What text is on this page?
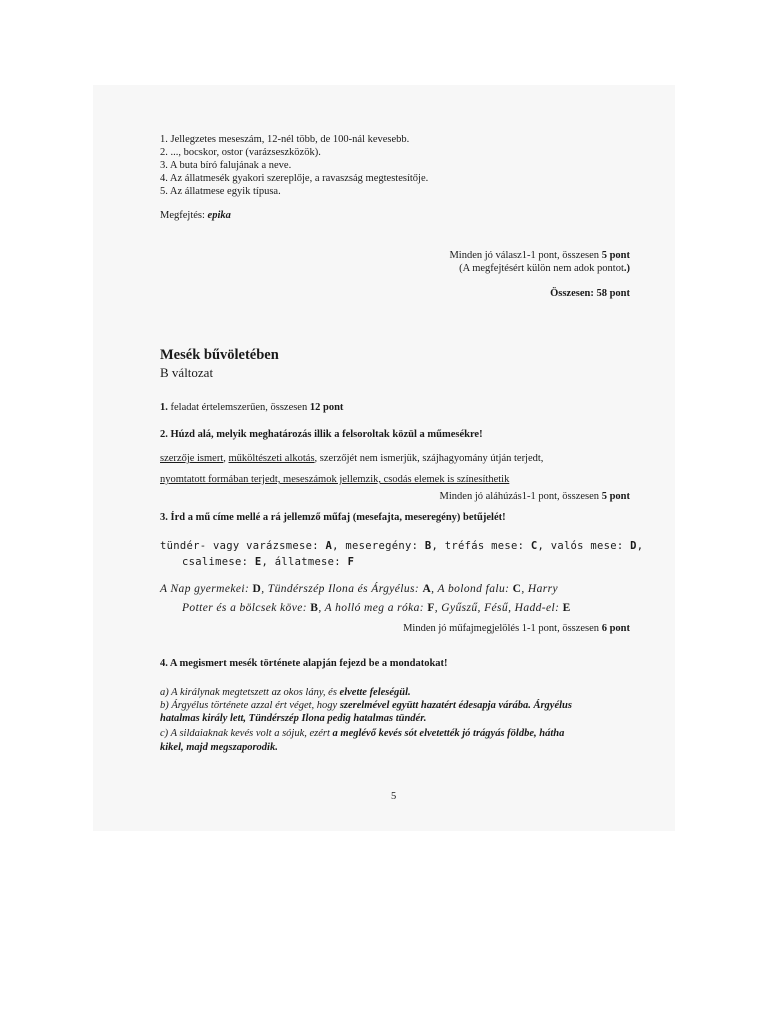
1. Jellegzetes meseszám, 12-nél több, de 100-nál kevesebb.
2. ..., bocskor, ostor (varázseszközök).
3. A buta bíró falujának a neve.
4. Az állatmesék gyakori szereplője, a ravaszság megtestesítője.
5. Az állatmese egyik típusa.
Megfejtés: epika
Minden jó válasz1-1 pont, összesen 5 pont
(A megfejtésért külön nem adok pontot.)
Összesen: 58 pont
Mesék bűvöletében
B változat
1. feladat értelemszerűen, összesen 12 pont
2. Húzd alá, melyik meghatározás illik a felsoroltak közül a műmesékre!
szerzője ismert, műköltészeti alkotás, szerzőjét nem ismerjük, szájhagyomány útján terjedt,
nyomtatott formában terjedt, meseszámok jellemzik, csodás elemek is színesíthetik
Minden jó aláhúzás1-1 pont, összesen 5 pont
3. Írd a mű címe mellé a rá jellemző műfaj (mesefajta, meseregény) betűjelét!
tündér- vagy varázsmese: A, meseregény: B, tréfás mese: C, valós mese: D,
csalimese: E, állatmese: F
A Nap gyermekei: D, Tündérszép Ilona és Árgyélus: A, A bolond falu: C, Harry
Potter és a bölcsek köve: B, A holló meg a róka: F, Gyűszű, Fésű, Hadd-el: E
Minden jó műfajmegjelölés 1-1 pont, összesen 6 pont
4. A megismert mesék története alapján fejezd be a mondatokat!
a) A királynak megtetszett az okos lány, és elvette feleségül.
b) Árgyélus története azzal ért véget, hogy szerelmével együtt hazatért édesapja várába. Árgyélus
hatalmas király lett, Tündérszép Ilona pedig hatalmas tündér.
c) A sildaiaknak kevés volt a sójuk, ezért a meglévő kevés sót elvetették jó trágyás földbe, hátha
kikel, majd megszaporodik.
5
